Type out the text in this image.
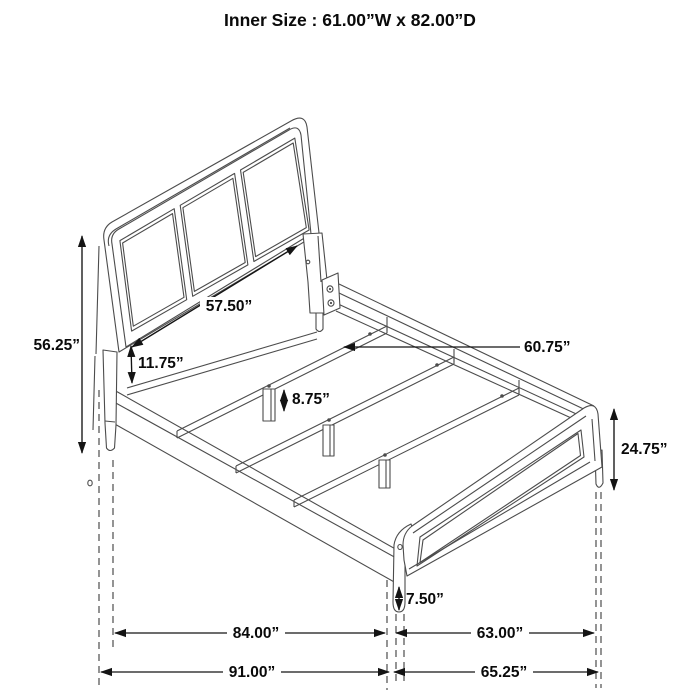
56.25”
57.50”
11.75”
8.75”
60.75”
24.75”
7.50”
84.00”	63.00”
91.00”	65.25”
Inner Size : 61.00”W x 82.00”D
